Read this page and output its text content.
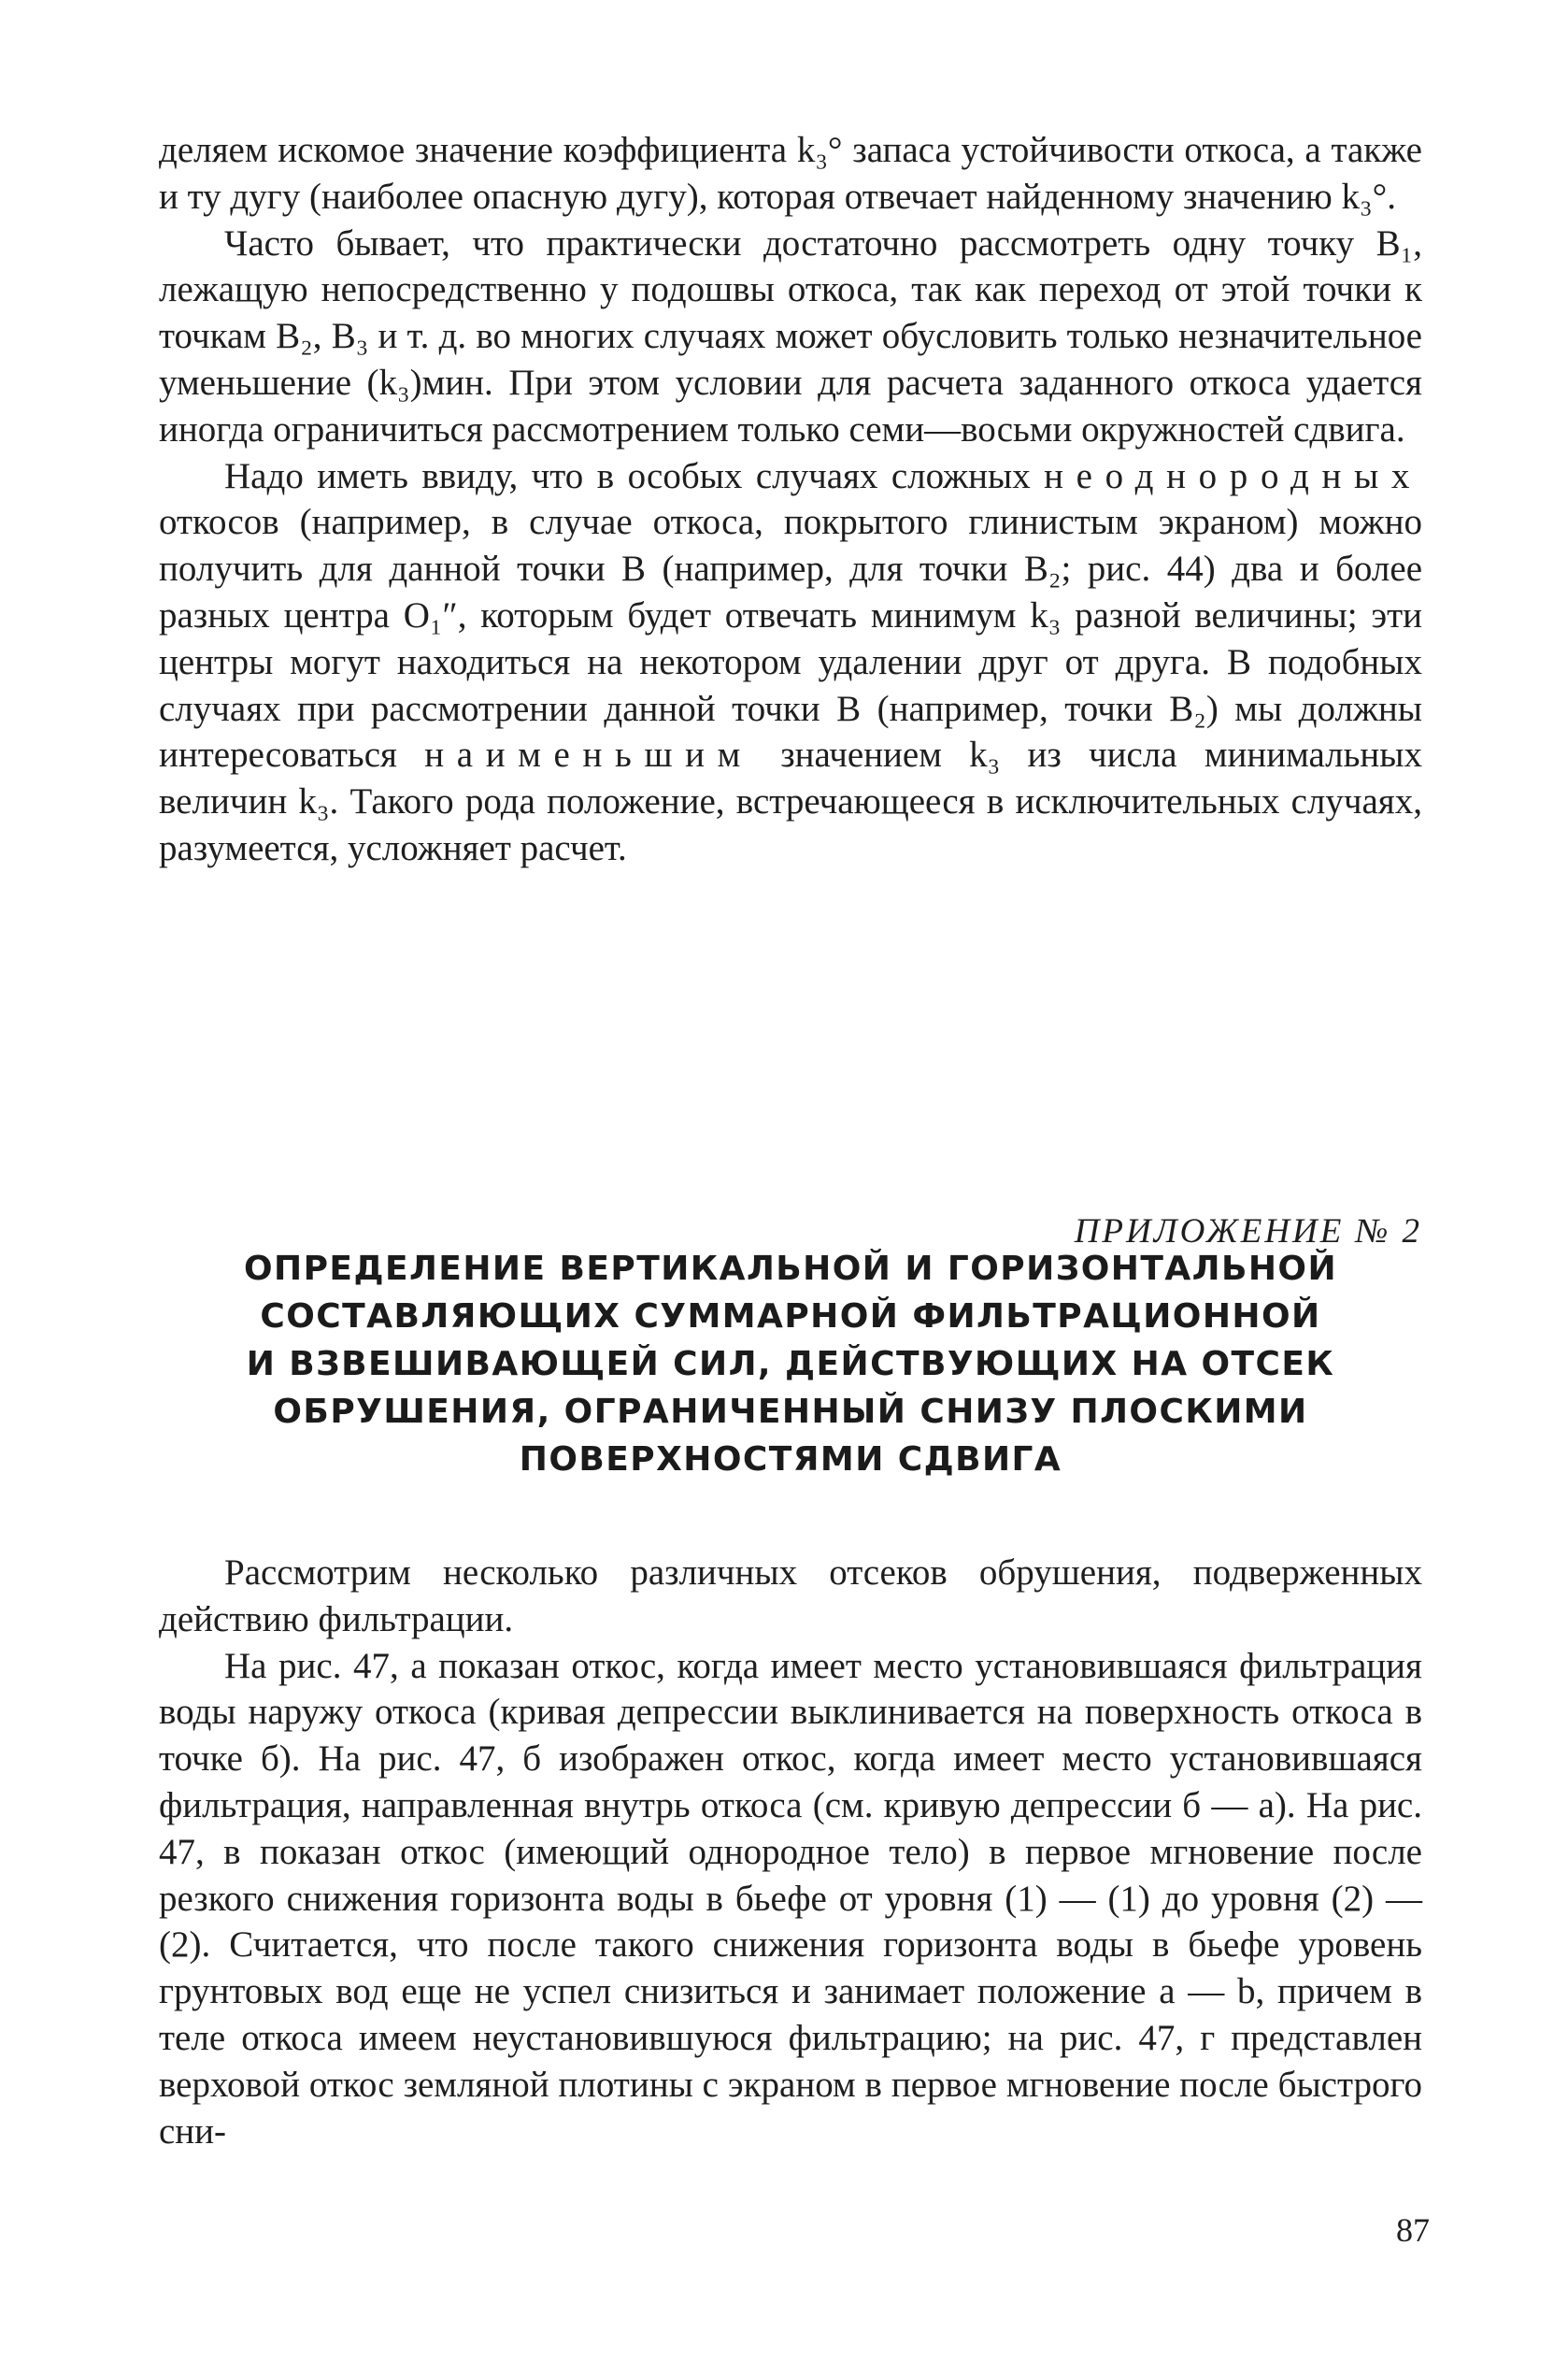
деляем искомое значение коэффициента k₃° запаса устойчивости откоса, а также и ту дугу (наиболее опасную дугу), которая отвечает найденному значению k₃°.

Часто бывает, что практически достаточно рассмотреть одну точку B₁, лежащую непосредственно у подошвы откоса, так как переход от этой точки к точкам B₂, B₃ и т. д. во многих случаях может обусловить только незначительное уменьшение (k₃)мин. При этом условии для расчета заданного откоса удается иногда ограничиться рассмотрением только семи—восьми окружностей сдвига.

Надо иметь ввиду, что в особых случаях сложных неоднородных откосов (например, в случае откоса, покрытого глинистым экраном) можно получить для данной точки B (например, для точки B₂; рис. 44) два и более разных центра O₁″, которым будет отвечать минимум k₃ разной величины; эти центры могут находиться на некотором удалении друг от друга. В подобных случаях при рассмотрении данной точки B (например, точки B₂) мы должны интересоваться наименьшим значением k₃ из числа минимальных величин k₃. Такого рода положение, встречающееся в исключительных случаях, разумеется, усложняет расчет.

ПРИЛОЖЕНИЕ № 2

ОПРЕДЕЛЕНИЕ ВЕРТИКАЛЬНОЙ И ГОРИЗОНТАЛЬНОЙ
СОСТАВЛЯЮЩИХ СУММАРНОЙ ФИЛЬТРАЦИОННОЙ
И ВЗВЕШИВАЮЩЕЙ СИЛ, ДЕЙСТВУЮЩИХ НА ОТСЕК
ОБРУШЕНИЯ, ОГРАНИЧЕННЫЙ СНИЗУ ПЛОСКИМИ
ПОВЕРХНОСТЯМИ СДВИГА

Рассмотрим несколько различных отсеков обрушения, подверженных действию фильтрации.

На рис. 47, а показан откос, когда имеет место установившаяся фильтрация воды наружу откоса (кривая депрессии выклинивается на поверхность откоса в точке б). На рис. 47, б изображен откос, когда имеет место установившаяся фильтрация, направленная внутрь откоса (см. кривую депрессии б — а). На рис. 47, в показан откос (имеющий однородное тело) в первое мгновение после резкого снижения горизонта воды в бьефе от уровня (1) — (1) до уровня (2) — (2). Считается, что после такого снижения горизонта воды в бьефе уровень грунтовых вод еще не успел снизиться и занимает положение а — b, причем в теле откоса имеем неустановившуюся фильтрацию; на рис. 47, г представлен верховой откос земляной плотины с экраном в первое мгновение после быстрого сни-

87
